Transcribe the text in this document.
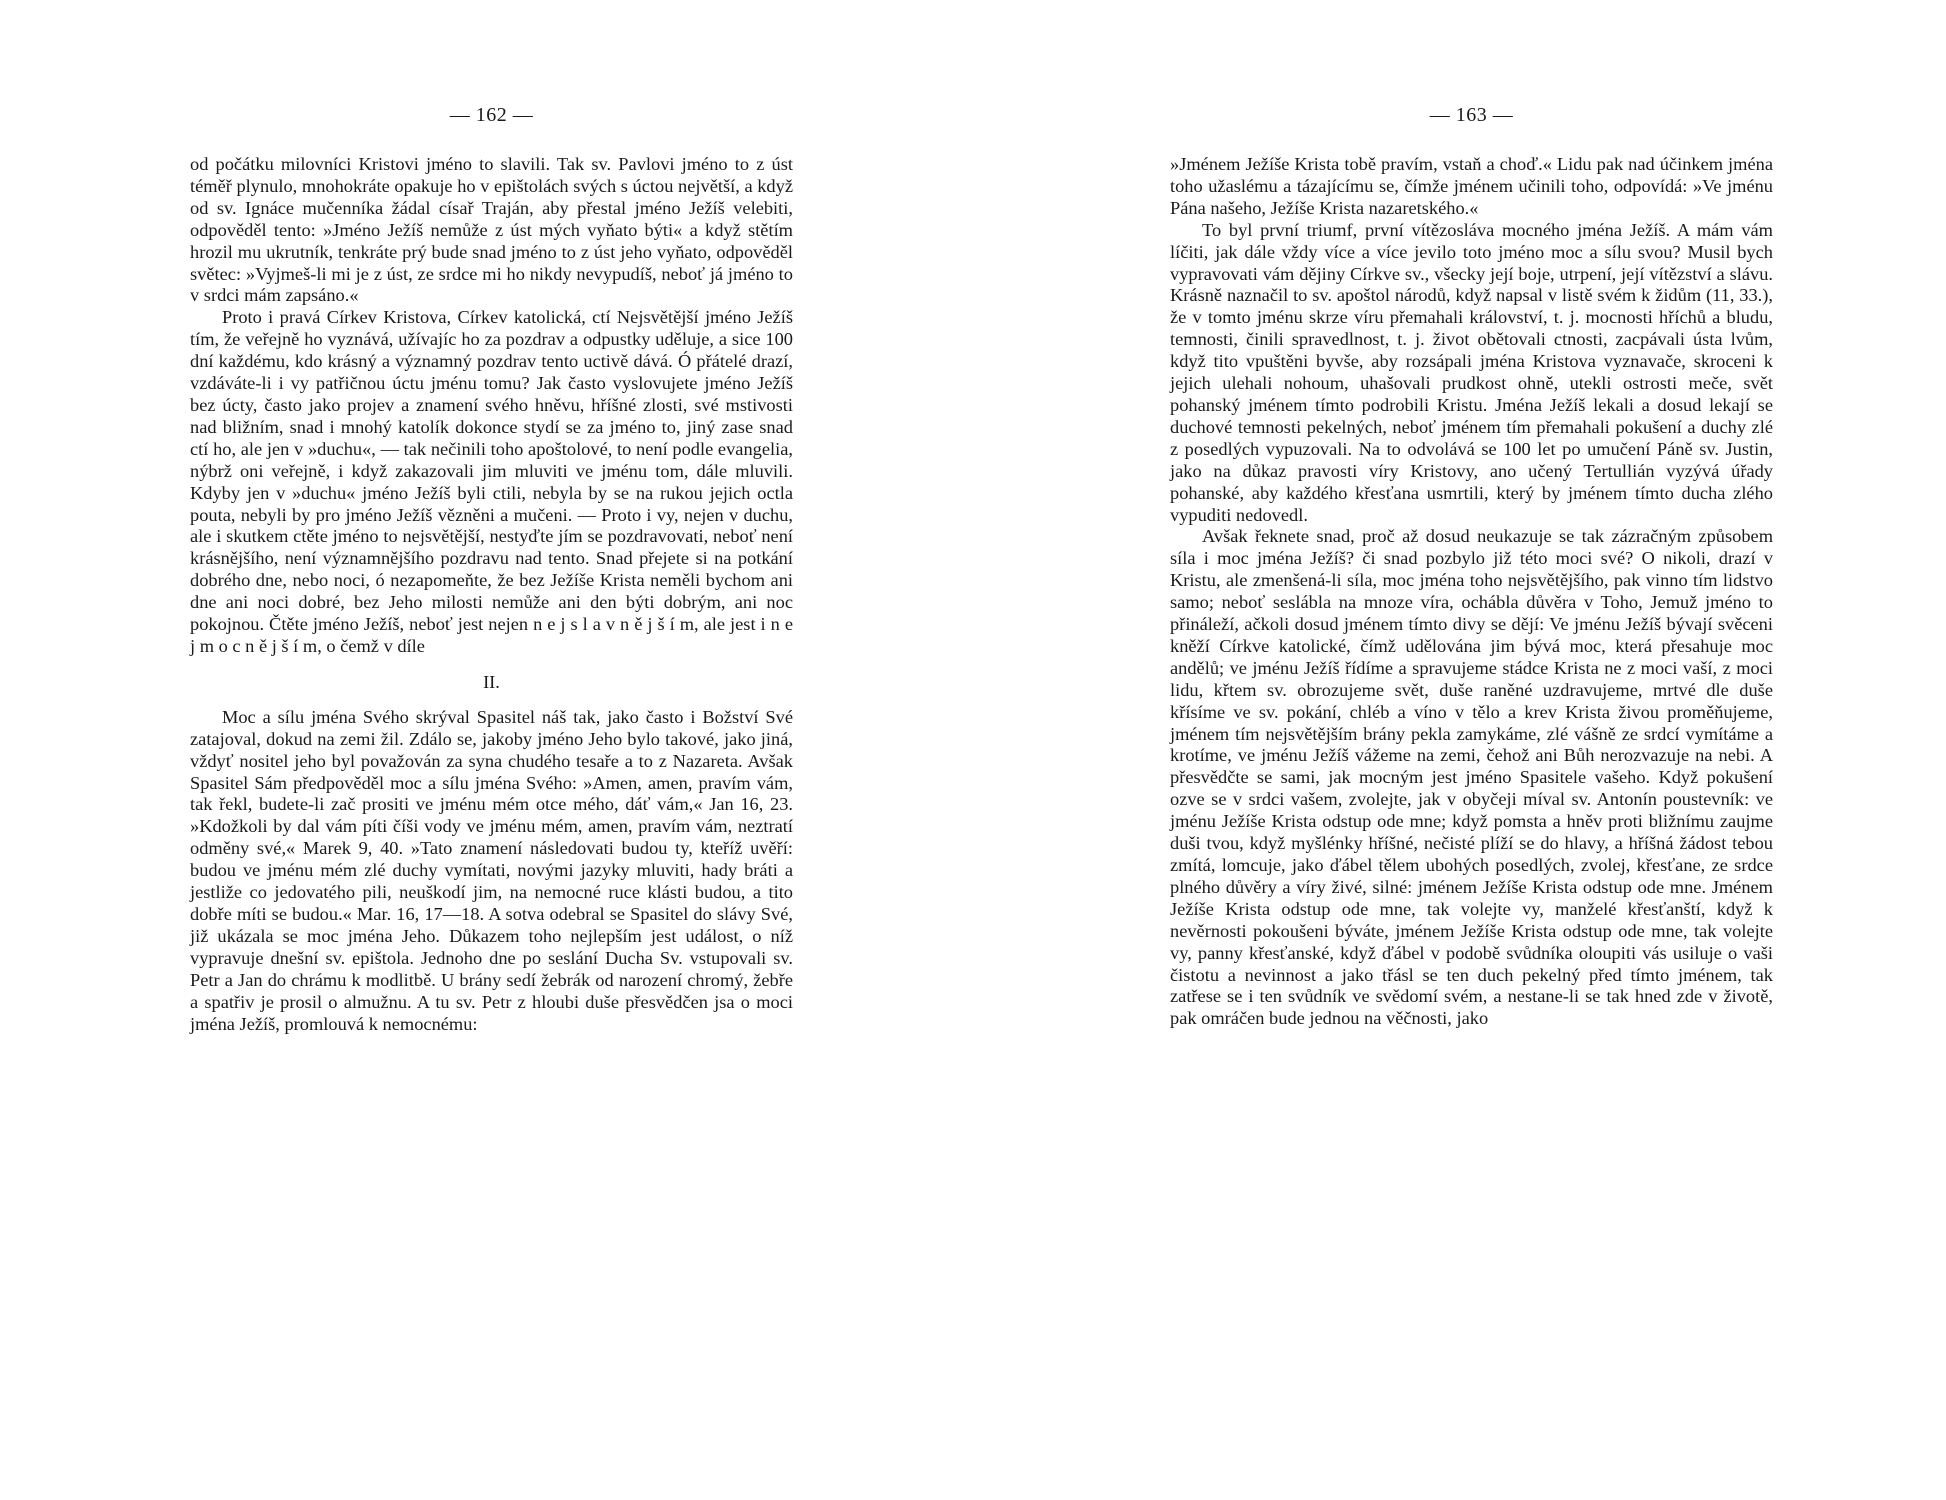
— 162 —

od počátku milovníci Kristovi jméno to slavili. Tak sv. Pavlovi jméno to z úst téměř plynulo, mnohokráte opakuje ho v epištolách svých s úctou největší, a když od sv. Ignáce mučenníka žádal císař Traján, aby přestal jméno Ježíš velebiti, odpověděl tento: »Jméno Ježíš nemůže z úst mých vyňato býti« a když stětím hrozil mu ukrutník, tenkráte prý bude snad jméno to z úst jeho vyňato, odpověděl světec: »Vyjmeš-li mi je z úst, ze srdce mi ho nikdy nevypudíš, neboť já jméno to v srdci mám zapsáno.«

Proto i pravá Církev Kristova, Církev katolická, ctí Nejsvětější jméno Ježíš tím, že veřejně ho vyznává, užívajíc ho za pozdrav a odpustky uděluje, a sice 100 dní každému, kdo krásný a významný pozdrav tento uctivě dává. Ó přátelé drazí, vzdáváte-li i vy patřičnou úctu jménu tomu? Jak často vyslovujete jméno Ježíš bez úcty, často jako projev a znamení svého hněvu, hříšné zlosti, své mstivosti nad bližním, snad i mnohý katolík dokonce stydí se za jméno to, jiný zase snad ctí ho, ale jen v »duchu«, — tak nečinili toho apoštolové, to není podle evangelia, nýbrž oni veřejně, i když zakazovali jim mluviti ve jménu tom, dále mluvili. Kdyby jen v »duchu« jméno Ježíš byli ctili, nebyla by se na rukou jejich octla pouta, nebyli by pro jméno Ježíš vězněni a mučeni. — Proto i vy, nejen v duchu, ale i skutkem ctěte jméno to nejsvětější, nestyďte jím se pozdravovati, neboť není krásnějšího, není významnějšího pozdravu nad tento. Snad přejete si na potkání dobrého dne, nebo noci, ó nezapomeňte, že bez Ježíše Krista neměli bychom ani dne ani noci dobré, bez Jeho milosti nemůže ani den býti dobrým, ani noc pokojnou. Čtěte jméno Ježíš, neboť jest nejen n e j s l a v n ě j š í m, ale jest i n e j m o c n ě j š í m, o čemž v díle

II.

Moc a sílu jména Svého skrýval Spasitel náš tak, jako často i Božství Své zatajoval, dokud na zemi žil. Zdálo se, jakoby jméno Jeho bylo takové, jako jiná, vždyť nositel jeho byl považován za syna chudého tesaře a to z Nazareta. Avšak Spasitel Sám předpověděl moc a sílu jména Svého: »Amen, amen, pravím vám, tak řekl, budete-li zač prositi ve jménu mém otce mého, dáť vám,« Jan 16, 23. »Kdožkoli by dal vám píti číši vody ve jménu mém, amen, pravím vám, neztratí odměny své,« Marek 9, 40. »Tato znamení následovati budou ty, kteříž uvěří: budou ve jménu mém zlé duchy vymítati, novými jazyky mluviti, hady bráti a jestliže co jedovatého pili, neuškodí jim, na nemocné ruce klásti budou, a tito dobře míti se budou.« Mar. 16, 17—18. A sotva odebral se Spasitel do slávy Své, již ukázala se moc jména Jeho. Důkazem toho nejlepším jest událost, o níž vypravuje dnešní sv. epištola. Jednoho dne po seslání Ducha Sv. vstupovali sv. Petr a Jan do chrámu k modlitbě. U brány sedí žebrák od narození chromý, žebře a spatřiv je prosil o almužnu. A tu sv. Petr z hloubi duše přesvědčen jsa o moci jména Ježíš, promlouvá k nemocnému:

— 163 —

»Jménem Ježíše Krista tobě pravím, vstaň a choď.« Lidu pak nad účinkem jména toho užaslému a tázajícímu se, čímže jménem učinili toho, odpovídá: »Ve jménu Pána našeho, Ježíše Krista nazaretského.«

To byl první triumf, první vítězosláva mocného jména Ježíš. A mám vám líčiti, jak dále vždy více a více jevilo toto jméno moc a sílu svou? Musil bych vypravovati vám dějiny Církve sv., všecky její boje, utrpení, její vítězství a slávu. Krásně naznačil to sv. apoštol národů, když napsal v listě svém k židům (11, 33.), že v tomto jménu skrze víru přemahali království, t. j. mocnosti hříchů a bludu, temnosti, činili spravedlnost, t. j. život obětovali ctnosti, zacpávali ústa lvům, když tito vpuštěni byvše, aby rozsápali jména Kristova vyznavače, skroceni k jejich ulehali nohoum, uhašovali prudkost ohně, utekli ostrosti meče, svět pohanský jménem tímto podrobili Kristu. Jména Ježíš lekali a dosud lekají se duchové temnosti pekelných, neboť jménem tím přemahali pokušení a duchy zlé z posedlých vypuzovali. Na to odvolává se 100 let po umučení Páně sv. Justin, jako na důkaz pravosti víry Kristovy, ano učený Tertullián vyzývá úřady pohanské, aby každého křesťana usmrtili, který by jménem tímto ducha zlého vypuditi nedovedl.

Avšak řeknete snad, proč až dosud neukazuje se tak zázračným způsobem síla i moc jména Ježíš? či snad pozbylo již této moci své? O nikoli, drazí v Kristu, ale zmenšená-li síla, moc jména toho nejsvětějšího, pak vinno tím lidstvo samo; neboť seslábla na mnoze víra, ochábla důvěra v Toho, Jemuž jméno to přináleží, ačkoli dosud jménem tímto divy se dějí: Ve jménu Ježíš bývají svěceni kněží Církve katolické, čímž udělována jim bývá moc, která přesahuje moc andělů; ve jménu Ježíš řídíme a spravujeme stádce Krista ne z moci vaší, z moci lidu, křtem sv. obrozujeme svět, duše raněné uzdravujeme, mrtvé dle duše křísíme ve sv. pokání, chléb a víno v tělo a krev Krista živou proměňujeme, jménem tím nejsvětějším brány pekla zamykáme, zlé vášně ze srdcí vymítáme a krotíme, ve jménu Ježíš vážeme na zemi, čehož ani Bůh nerozvazuje na nebi. A přesvědčte se sami, jak mocným jest jméno Spasitele vašeho. Když pokušení ozve se v srdci vašem, zvolejte, jak v obyčeji míval sv. Antonín poustevník: ve jménu Ježíše Krista odstup ode mne; když pomsta a hněv proti bližnímu zaujme duši tvou, když myšlénky hříšné, nečisté plíží se do hlavy, a hříšná žádost tebou zmítá, lomcuje, jako ďábel tělem ubohých posedlých, zvolej, křesťane, ze srdce plného důvěry a víry živé, silné: jménem Ježíše Krista odstup ode mne. Jménem Ježíše Krista odstup ode mne, tak volejte vy, manželé křesťanští, když k nevěrnosti pokoušeni býváte, jménem Ježíše Krista odstup ode mne, tak volejte vy, panny křesťanské, když ďábel v podobě svůdníka oloupiti vás usiluje o vaši čistotu a nevinnost a jako třásl se ten duch pekelný před tímto jménem, tak zatřese se i ten svůdník ve svědomí svém, a nestane-li se tak hned zde v životě, pak omráčen bude jednou na věčnosti, jako
